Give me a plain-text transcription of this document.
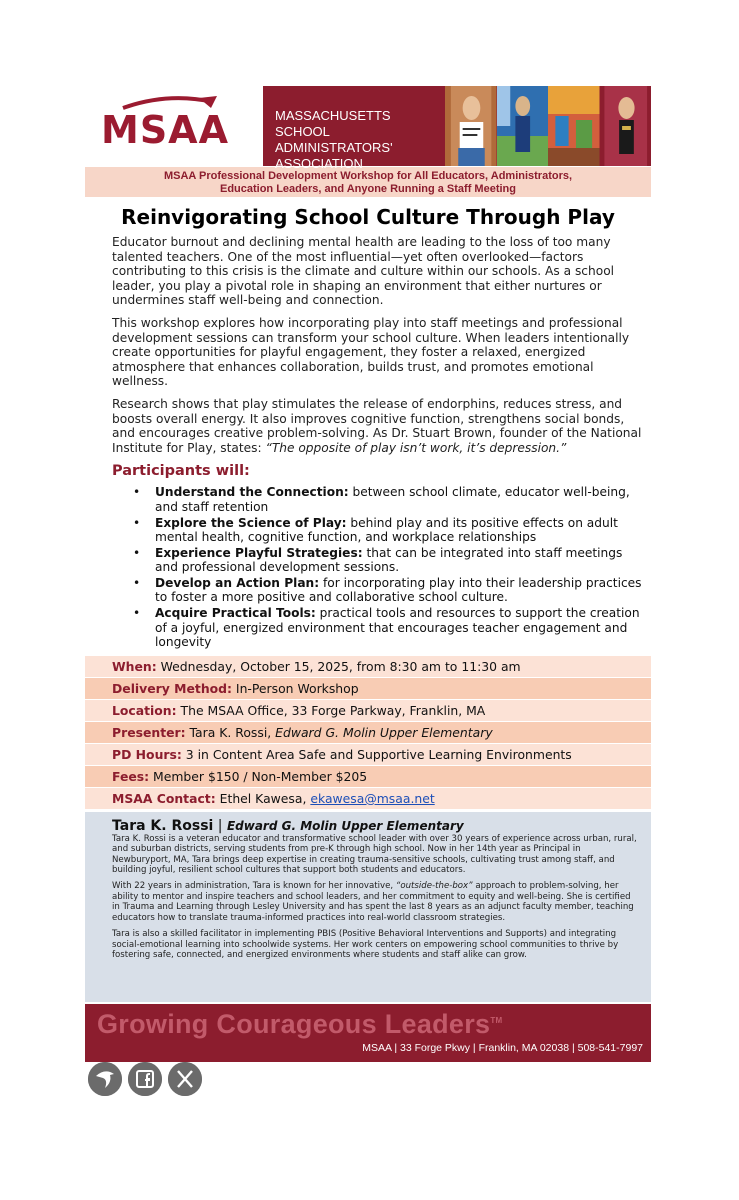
MSAA	MASSACHUSETTS SCHOOL
ADMINISTRATORS' ASSOCIATION
MSAA Professional Development Workshop for All Educators, Administrators,
Education Leaders, and Anyone Running a Staff Meeting
Reinvigorating School Culture Through Play

Educator burnout and declining mental health are leading to the loss of too many talented teachers. One of the most influential—yet often overlooked—factors contributing to this crisis is the climate and culture within our schools. As a school leader, you play a pivotal role in shaping an environment that either nurtures or undermines staff well-being and connection.

This workshop explores how incorporating play into staff meetings and professional development sessions can transform your school culture. When leaders intentionally create opportunities for playful engagement, they foster a relaxed, energized atmosphere that enhances collaboration, builds trust, and promotes emotional wellness.

Research shows that play stimulates the release of endorphins, reduces stress, and boosts overall energy. It also improves cognitive function, strengthens social bonds, and encourages creative problem-solving. As Dr. Stuart Brown, founder of the National Institute for Play, states: “The opposite of play isn’t work, it’s depression.”

Participants will:
• Understand the Connection: between school climate, educator well-being, and staff retention
• Explore the Science of Play: behind play and its positive effects on adult mental health, cognitive function, and workplace relationships
• Experience Playful Strategies: that can be integrated into staff meetings and professional development sessions.
• Develop an Action Plan: for incorporating play into their leadership practices to foster a more positive and collaborative school culture.
• Acquire Practical Tools: practical tools and resources to support the creation of a joyful, energized environment that encourages teacher engagement and longevity
When: Wednesday, October 15, 2025, from 8:30 am to 11:30 am
Delivery Method: In-Person Workshop
Location: The MSAA Office, 33 Forge Parkway, Franklin, MA
Presenter: Tara K. Rossi, Edward G. Molin Upper Elementary
PD Hours: 3 in Content Area Safe and Supportive Learning Environments
Fees: Member $150 / Non-Member $205
MSAA Contact: Ethel Kawesa, ekawesa@msaa.net
Tara K. Rossi | Edward G. Molin Upper Elementary

Tara K. Rossi is a veteran educator and transformative school leader with over 30 years of experience across urban, rural, and suburban districts, serving students from pre-K through high school. Now in her 14th year as Principal in Newburyport, MA, Tara brings deep expertise in creating trauma-sensitive schools, cultivating trust among staff, and building joyful, resilient school cultures that support both students and educators.

With 22 years in administration, Tara is known for her innovative, “outside-the-box” approach to problem-solving, her ability to mentor and inspire teachers and school leaders, and her commitment to equity and well-being. She is certified in Trauma and Learning through Lesley University and has spent the last 8 years as an adjunct faculty member, teaching educators how to translate trauma-informed practices into real-world classroom strategies.

Tara is also a skilled facilitator in implementing PBIS (Positive Behavioral Interventions and Supports) and integrating social-emotional learning into schoolwide systems. Her work centers on empowering school communities to thrive by fostering safe, connected, and energized environments where students and staff alike can grow.

Growing Courageous Leaders™
MSAA | 33 Forge Pkwy | Franklin, MA 02038 | 508-541-7997
